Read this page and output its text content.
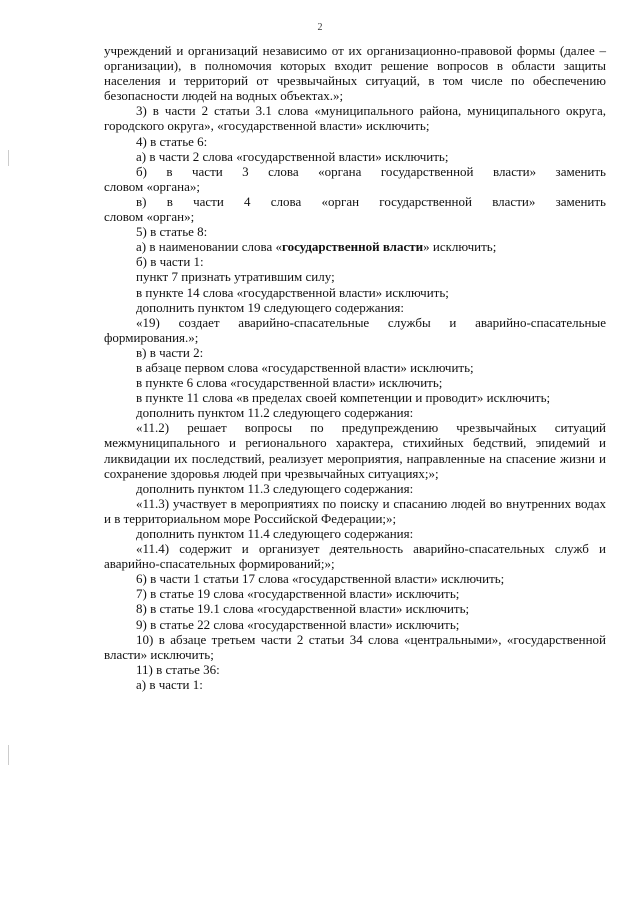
2

учреждений и организаций независимо от их организационно-правовой формы (далее – организации), в полномочия которых входит решение вопросов в области защиты населения и территорий от чрезвычайных ситуаций, в том числе по обеспечению безопасности людей на водных объектах.»;

3) в части 2 статьи 3.1 слова «муниципального района, муниципального округа, городского округа», «государственной власти» исключить;

4) в статье 6:

а) в части 2 слова «государственной власти» исключить;

б) в части 3 слова «органа государственной власти» заменить

словом «органа»;

в) в части 4 слова «орган государственной власти» заменить

словом «орган»;

5) в статье 8:

а) в наименовании слова «государственной власти» исключить;

б) в части 1:

пункт 7 признать утратившим силу;

в пункте 14 слова «государственной власти» исключить;

дополнить пунктом 19 следующего содержания:

«19) создает аварийно-спасательные службы и аварийно-спасательные формирования.»;

в) в части 2:

в абзаце первом слова «государственной власти» исключить;

в пункте 6 слова «государственной власти» исключить;

в пункте 11 слова «в пределах своей компетенции и проводит» исключить;

дополнить пунктом 11.2 следующего содержания:

«11.2) решает вопросы по предупреждению чрезвычайных ситуаций межмуниципального и регионального характера, стихийных бедствий, эпидемий и ликвидации их последствий, реализует мероприятия, направленные на спасение жизни и сохранение здоровья людей при чрезвычайных ситуациях;»;

дополнить пунктом 11.3 следующего содержания:

«11.3) участвует в мероприятиях по поиску и спасанию людей во внутренних водах и в территориальном море Российской Федерации;»;

дополнить пунктом 11.4 следующего содержания:

«11.4) содержит и организует деятельность аварийно-спасательных служб и аварийно-спасательных формирований;»;

6) в части 1 статьи 17 слова «государственной власти» исключить;

7) в статье 19 слова «государственной власти» исключить;

8) в статье 19.1 слова «государственной власти» исключить;

9) в статье 22 слова «государственной власти» исключить;

10) в абзаце третьем части 2 статьи 34 слова «центральными», «государственной власти» исключить;

11) в статье 36:

а) в части 1:
